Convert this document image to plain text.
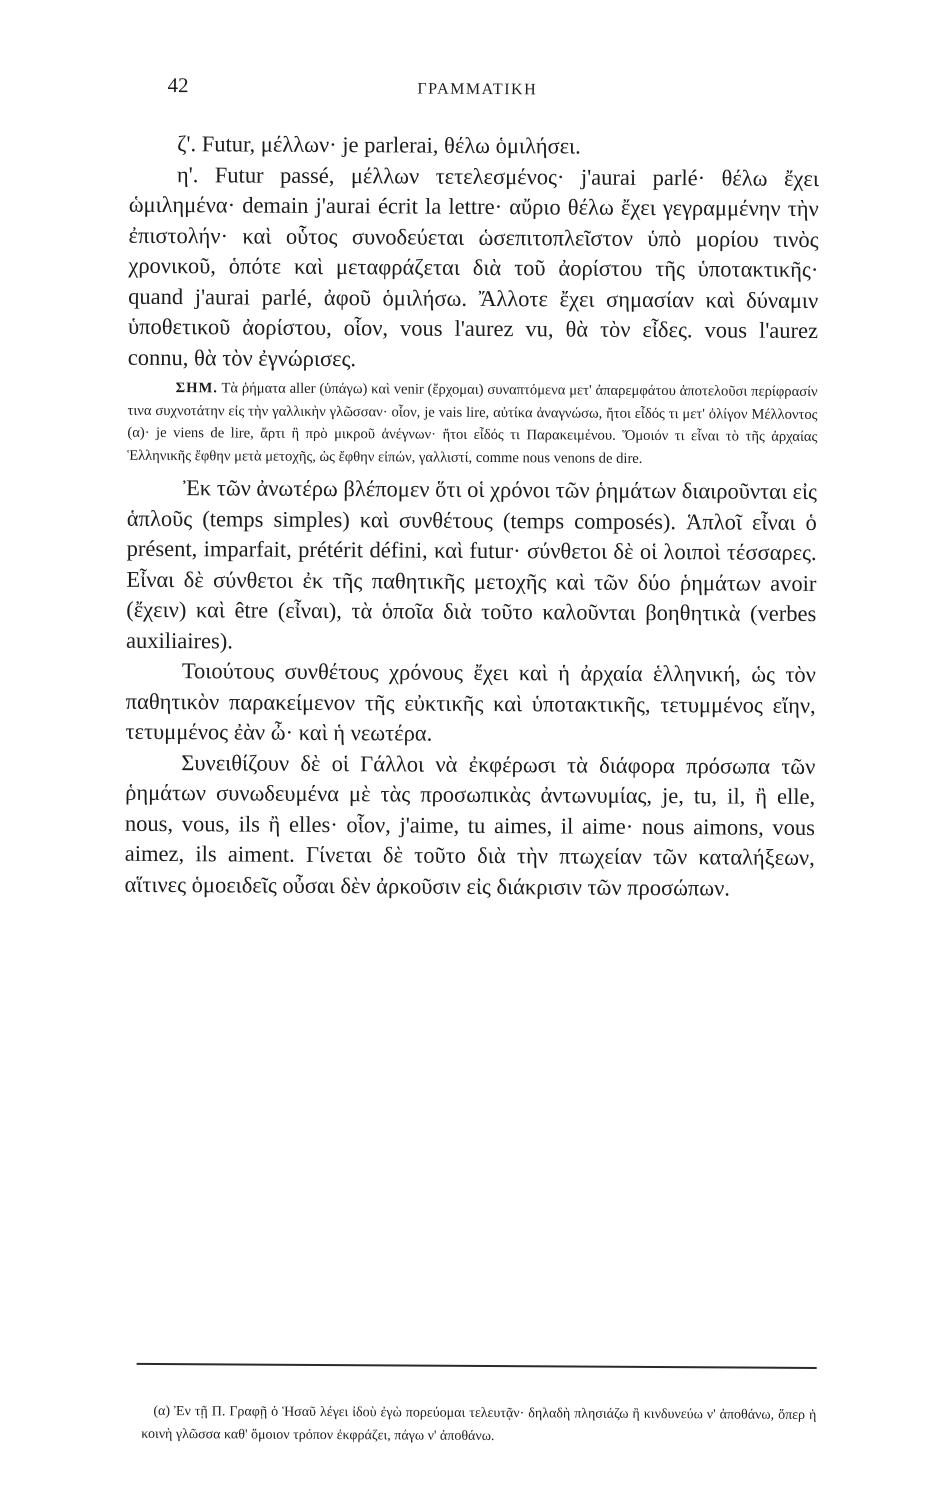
42	ΓΡΑΜΜΑΤΙΚΗ

ζ'. Futur, μέλλων· je parlerai, θέλω ὁμιλήσει.

η'. Futur passé, μέλλων τετελεσμένος· j'aurai parlé· θέλω ἔχει ὡμιλημένα· demain j'aurai écrit la lettre· αὔριο θέλω ἔχει γεγραμμένην τὴν ἐπιστολήν· καὶ οὗτος συνοδεύεται ὡσεπιτοπλεῖστον ὑπὸ μορίου τινὸς χρονικοῦ, ὁπότε καὶ μεταφράζεται διὰ τοῦ ἀορίστου τῆς ὑποτακτικῆς· quand j'aurai parlé, ἀφοῦ ὁμιλήσω. Ἄλλοτε ἔχει σημασίαν καὶ δύναμιν ὑποθετικοῦ ἀορίστου, οἷον, vous l'aurez vu, θὰ τὸν εἶδες. vous l'aurez connu, θὰ τὸν ἐγνώρισες.

ΣΗΜ. Τὰ ῥήματα aller (ὑπάγω) καὶ venir (ἔρχομαι) συναπτόμενα μετ' ἀπαρεμφάτου ἀποτελοῦσι περίφρασίν τινα συχνοτάτην εἰς τὴν γαλλικὴν γλῶσσαν· οἷον, je vais lire, αὐτίκα ἀναγνώσω, ἤτοι εἶδός τι μετ' ὀλίγον Μέλλοντος (α)· je viens de lire, ἄρτι ἢ πρὸ μικροῦ ἀνέγνων· ἤτοι εἶδός τι Παρακειμένου. Ὅμοιόν τι εἶναι τὸ τῆς ἀρχαίας Ἑλληνικῆς ἔφθην μετὰ μετοχῆς, ὡς ἔφθην εἰπών, γαλλιστί, comme nous venons de dire.

Ἐκ τῶν ἀνωτέρω βλέπομεν ὅτι οἱ χρόνοι τῶν ῥημάτων διαιροῦνται εἰς ἁπλοῦς (temps simples) καὶ συνθέτους (temps composés). Ἁπλοῖ εἶναι ὁ présent, imparfait, prétérit défini, καὶ futur· σύνθετοι δὲ οἱ λοιποὶ τέσσαρες. Εἶναι δὲ σύνθετοι ἐκ τῆς παθητικῆς μετοχῆς καὶ τῶν δύο ῥημάτων avoir (ἔχειν) καὶ être (εἶναι), τὰ ὁποῖα διὰ τοῦτο καλοῦνται βοηθητικὰ (verbes auxiliaires).

Τοιούτους συνθέτους χρόνους ἔχει καὶ ἡ ἀρχαία ἑλληνική, ὡς τὸν παθητικὸν παρακείμενον τῆς εὐκτικῆς καὶ ὑποτακτικῆς, τετυμμένος εἴην, τετυμμένος ἐὰν ὦ· καὶ ἡ νεωτέρα.

Συνειθίζουν δὲ οἱ Γάλλοι νὰ ἐκφέρωσι τὰ διάφορα πρόσωπα τῶν ῥημάτων συνωδευμένα μὲ τὰς προσωπικὰς ἀντωνυμίας, je, tu, il, ἢ elle, nous, vous, ils ἢ elles· οἷον, j'aime, tu aimes, il aime· nous aimons, vous aimez, ils aiment. Γίνεται δὲ τοῦτο διὰ τὴν πτωχείαν τῶν καταλήξεων, αἵτινες ὁμοειδεῖς οὖσαι δὲν ἀρκοῦσιν εἰς διάκρισιν τῶν προσώπων.

(α) Ἐν τῇ Π. Γραφῇ ὁ Ἡσαῦ λέγει ἰδοὺ ἐγὼ πορεύομαι τελευτᾷν· δηλαδὴ πλησιάζω ἢ κινδυνεύω ν' ἀποθάνω, ὅπερ ἡ κοινὴ γλῶσσα καθ' ὅμοιον τρόπον ἐκφράζει, πάγω ν' ἀποθάνω.
